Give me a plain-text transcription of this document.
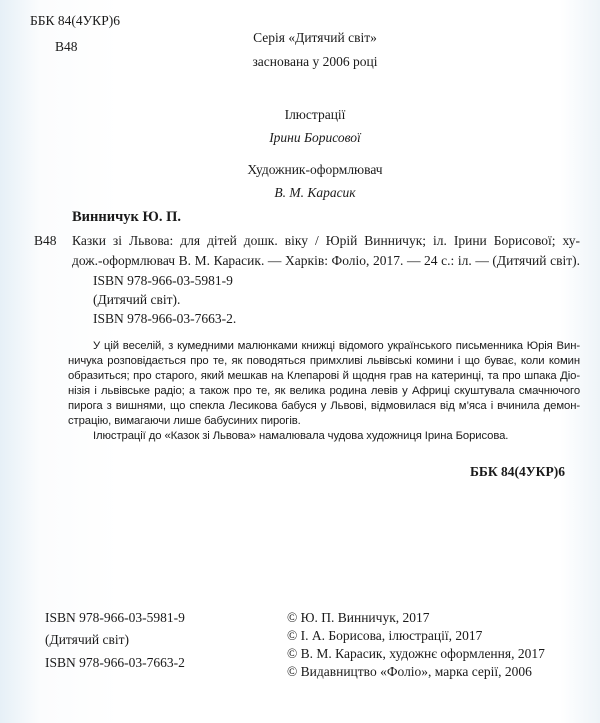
ББК 84(4УКР)6
В48
Серія «Дитячий світ»
заснована у 2006 році
Ілюстрації
Ірини Борисової
Художник-оформлювач
В. М. Карасик
Винничук Ю. П.
В48 Казки зі Львова: для дітей дошк. віку / Юрій Винничук; іл. Ірини Борисової; ху-
дож.-оформлювач В. М. Карасик. — Харків: Фоліо, 2017. — 24 с.: іл. — (Дитячий світ).
ISBN 978-966-03-5981-9
(Дитячий світ).
ISBN 978-966-03-7663-2.
У цій веселій, з кумедними малюнками книжці відомого українського письменника Юрія Вин-
ничука розповідається про те, як поводяться примхливі львівські комини і що буває, коли комин
образиться; про старого, який мешкав на Клепарові й щодня грав на катеринці, та про шпака Діо-
нізія і львівське радіо; а також про те, як велика родина левів у Африці скуштувала смачнючого
пирога з вишнями, що спекла Лесикова бабуся у Львові, відмовилася від м’яса і вчинила демон-
страцію, вимагаючи лише бабусиних пирогів.
Ілюстрації до «Казок зі Львова» намалювала чудова художниця Ірина Борисова.
ББК 84(4УКР)6
ISBN 978-966-03-5981-9
(Дитячий світ)
ISBN 978-966-03-7663-2
© Ю. П. Винничук, 2017
© І. А. Борисова, ілюстрації, 2017
© В. М. Карасик, художнє оформлення, 2017
© Видавництво «Фоліо», марка серії, 2006
